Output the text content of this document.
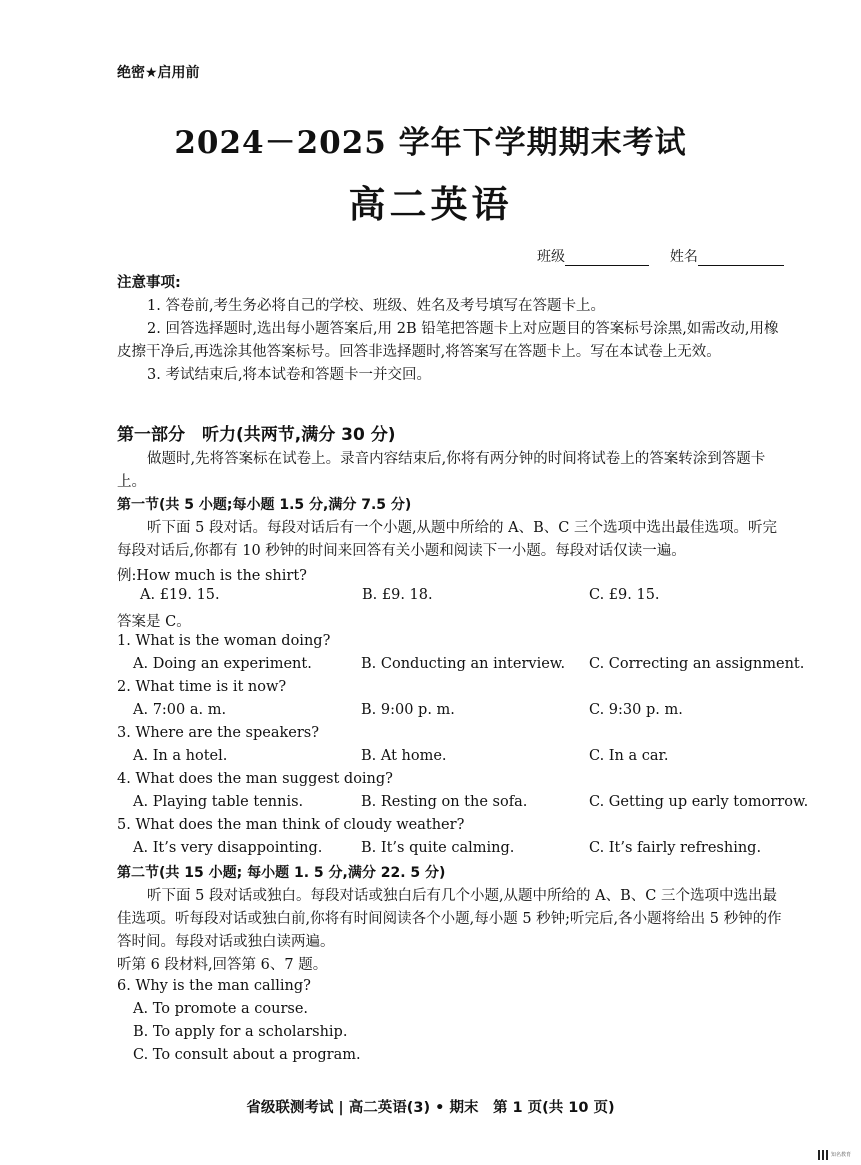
绝密★启用前
2024－2025 学年下学期期末考试
高二英语
班级	姓名
注意事项:
1. 答卷前,考生务必将自己的学校、班级、姓名及考号填写在答题卡上。
2. 回答选择题时,选出每小题答案后,用 2B 铅笔把答题卡上对应题目的答案标号涂黑,如需改动,用橡皮擦干净后,再选涂其他答案标号。回答非选择题时,将答案写在答题卡上。写在本试卷上无效。
3. 考试结束后,将本试卷和答题卡一并交回。
第一部分　听力(共两节,满分 30 分)
做题时,先将答案标在试卷上。录音内容结束后,你将有两分钟的时间将试卷上的答案转涂到答题卡上。
第一节(共 5 小题;每小题 1.5 分,满分 7.5 分)
听下面 5 段对话。每段对话后有一个小题,从题中所给的 A、B、C 三个选项中选出最佳选项。听完每段对话后,你都有 10 秒钟的时间来回答有关小题和阅读下一小题。每段对话仅读一遍。
例:How much is the shirt?
A. £19. 15.	B. £9. 18.	C. £9. 15.
答案是 C。
1. What is the woman doing?
A. Doing an experiment.	B. Conducting an interview. C. Correcting an assignment.
2. What time is it now?
A. 7:00 a. m.	B. 9:00 p. m.	C. 9:30 p. m.
3. Where are the speakers?
A. In a hotel.	B. At home.	C. In a car.
4. What does the man suggest doing?
A. Playing table tennis.	B. Resting on the sofa.	C. Getting up early tomorrow.
5. What does the man think of cloudy weather?
A. It’s very disappointing.	B. It’s quite calming.	C. It’s fairly refreshing.
第二节(共 15 小题; 每小题 1. 5 分,满分 22. 5 分)
听下面 5 段对话或独白。每段对话或独白后有几个小题,从题中所给的 A、B、C 三个选项中选出最佳选项。听每段对话或独白前,你将有时间阅读各个小题,每小题 5 秒钟;听完后,各小题将给出 5 秒钟的作答时间。每段对话或独白读两遍。
听第 6 段材料,回答第 6、7 题。
6. Why is the man calling?
A. To promote a course.
B. To apply for a scholarship.
C. To consult about a program.
省级联测考试 | 高二英语(3) • 期末　第 1 页(共 10 页)
知名教育
